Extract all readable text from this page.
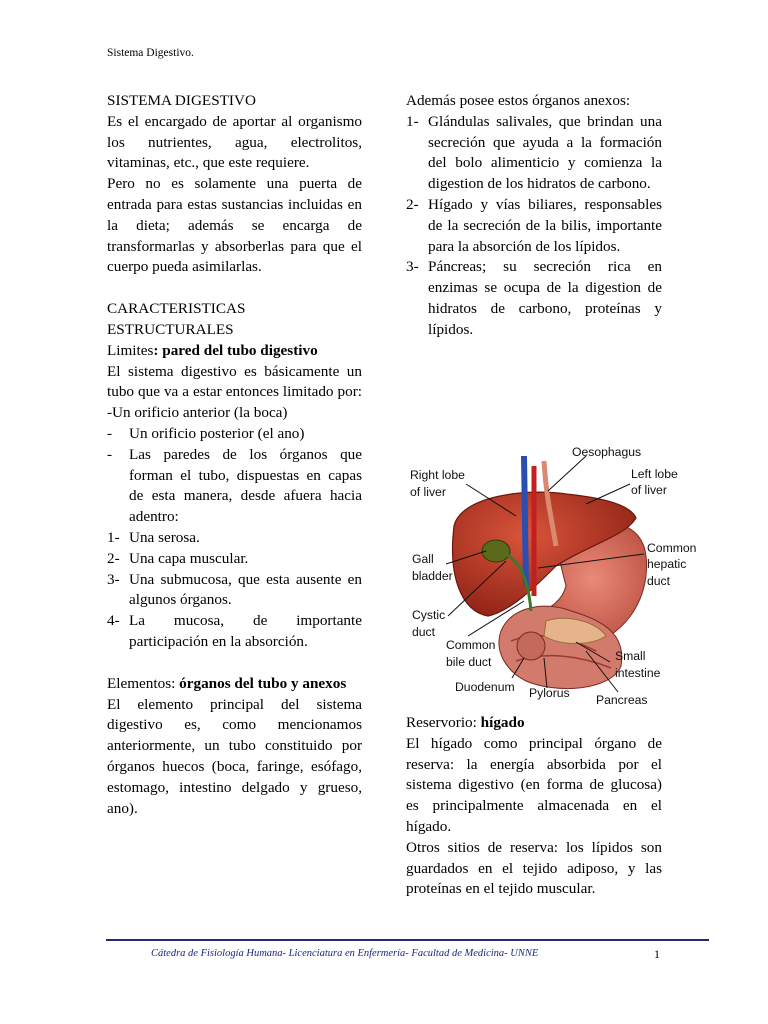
Sistema Digestivo.

SISTEMA DIGESTIVO

Es el encargado de aportar al organismo los nutrientes, agua, electrolitos, vitaminas, etc., que este requiere.

Pero no es solamente una puerta de entrada para estas sustancias incluidas en la dieta; además se encarga de transformarlas y absorberlas para que el cuerpo pueda asimilarlas.

CARACTERISTICAS ESTRUCTURALES

Limites: pared del tubo digestivo

El sistema digestivo es básicamente un tubo que va a estar entonces limitado por: -Un orificio anterior (la boca)

-	Un orificio posterior (el ano)
-	Las paredes de los órganos que forman el tubo, dispuestas en capas de esta manera, desde afuera hacia adentro:
1- Una serosa.
2- Una capa muscular.
3- Una submucosa, que esta ausente en algunos órganos.
4- La mucosa, de importante participación en la absorción.

Elementos: órganos del tubo y anexos

El elemento principal del sistema digestivo es, como mencionamos anteriormente, un tubo constituido por órganos huecos (boca, faringe, esófago, estomago, intestino delgado y grueso, ano).

Además posee estos órganos anexos:

1- Glándulas salivales, que brindan una secreción que ayuda a la formación del bolo alimenticio y comienza la digestion de los hidratos de carbono.
2- Hígado y vías biliares, responsables de la secreción de la bilis, importante para la absorción de los lípidos.
3- Páncreas; su secreción rica en enzimas se ocupa de la digestion de hidratos de carbono, proteínas y lípidos.
Oesophagus
Right lobe
of liver
Left lobe
of liver
Gall
bladder
Common
hepatic
duct
Cystic
duct
Common
bile duct	Small
intestine
Duodenum Pylorus Pancreas

Reservorio: hígado

El hígado como principal órgano de reserva: la energía absorbida por el sistema digestivo (en forma de glucosa) es principalmente almacenada en el hígado.

Otros sitios de reserva: los lípidos son guardados en el tejido adiposo, y las proteínas en el tejido muscular.

Cátedra de Fisiología Humana- Licenciatura en Enfermería- Facultad de Medicina- UNNE	1
